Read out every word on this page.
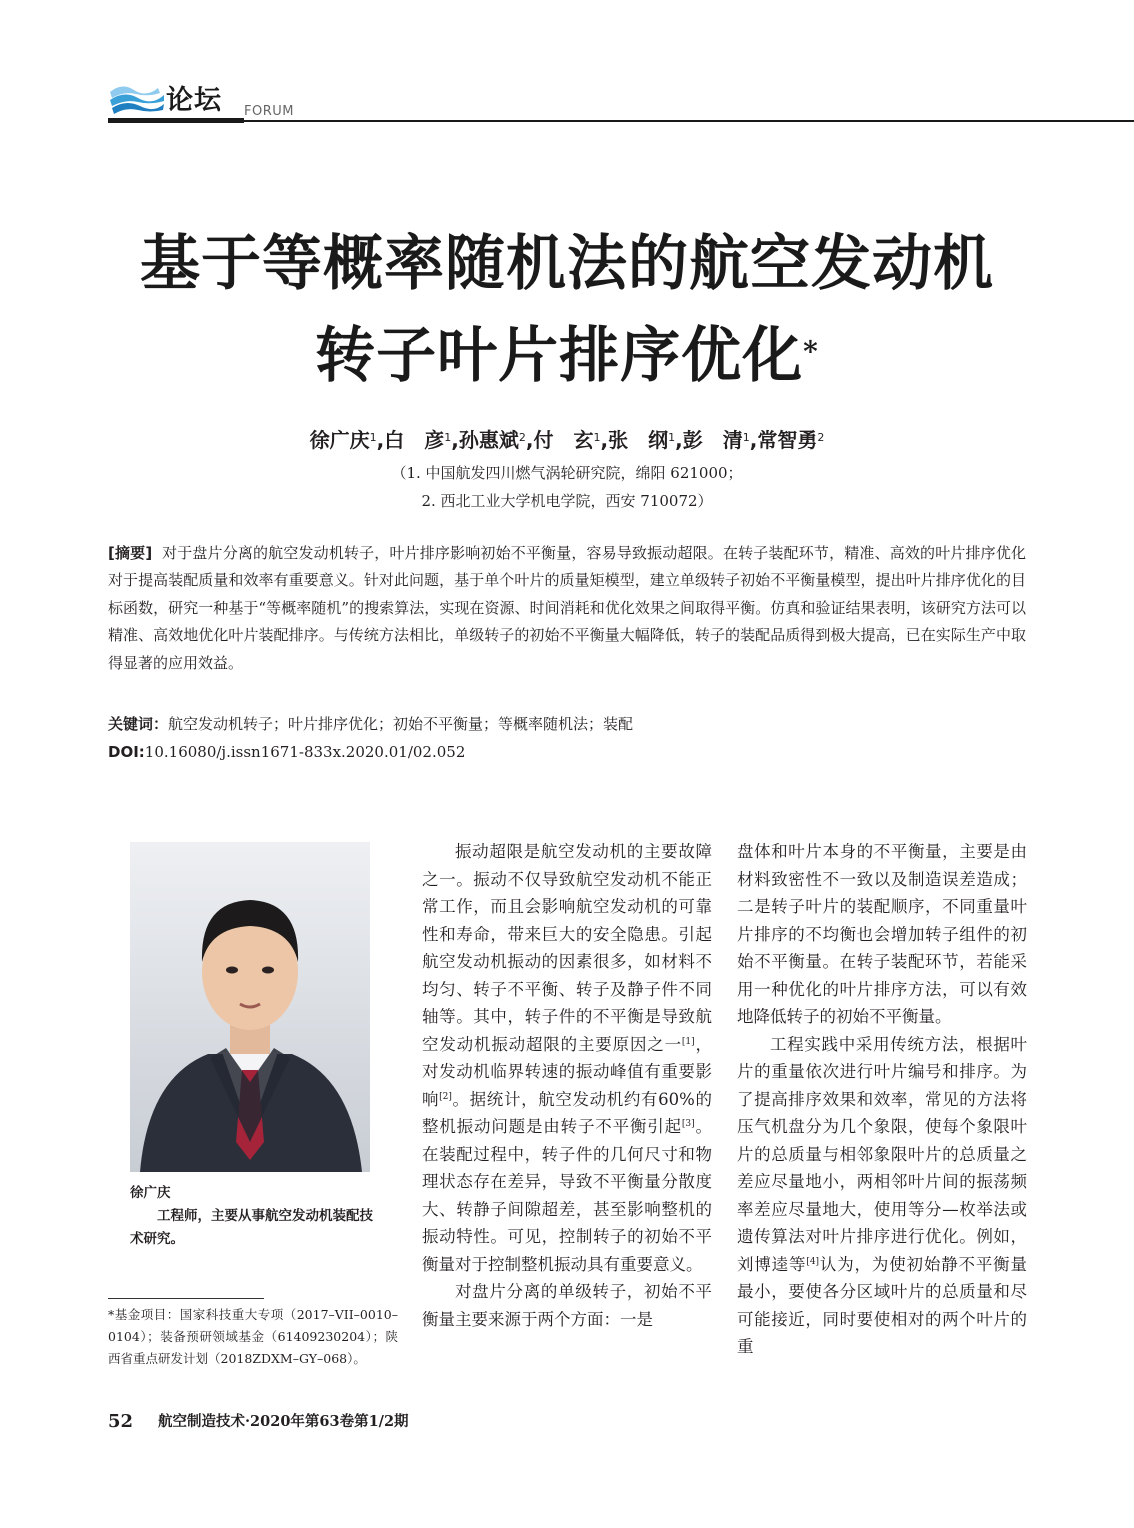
论坛 FORUM
基于等概率随机法的航空发动机
转子叶片排序优化*
徐广庆$^1$,白　彦$^1$,孙惠斌$^2$,付　玄$^1$,张　纲$^1$,彭　清$^1$,常智勇$^2$
（1. 中国航发四川燃气涡轮研究院，绵阳 621000；
2. 西北工业大学机电学院，西安 710072）
[摘要] 对于盘片分离的航空发动机转子，叶片排序影响初始不平衡量，容易导致振动超限。在转子装配环节，精准、高效的叶片排序优化对于提高装配质量和效率有重要意义。针对此问题，基于单个叶片的质量矩模型，建立单级转子初始不平衡量模型，提出叶片排序优化的目标函数，研究一种基于“等概率随机”的搜索算法，实现在资源、时间消耗和优化效果之间取得平衡。仿真和验证结果表明，该研究方法可以精准、高效地优化叶片装配排序。与传统方法相比，单级转子的初始不平衡量大幅降低，转子的装配品质得到极大提高，已在实际生产中取得显著的应用效益。
关键词：航空发动机转子；叶片排序优化；初始不平衡量；等概率随机法；装配
DOI:10.16080/j.issn1671-833x.2020.01/02.052
徐广庆
工程师，主要从事航空发动机装配技术研究。
*基金项目：国家科技重大专项（2017–VII–0010–0104）；装备预研领域基金（61409230204）；陕西省重点研发计划（2018ZDXM–GY–068）。

振动超限是航空发动机的主要故障之一。振动不仅导致航空发动机不能正常工作，而且会影响航空发动机的可靠性和寿命，带来巨大的安全隐患。引起航空发动机振动的因素很多，如材料不均匀、转子不平衡、转子及静子件不同轴等。其中，转子件的不平衡是导致航空发动机振动超限的主要原因之一[1]，对发动机临界转速的振动峰值有重要影响[2]。据统计，航空发动机约有60%的整机振动问题是由转子不平衡引起[3]。在装配过程中，转子件的几何尺寸和物理状态存在差异，导致不平衡量分散度大、转静子间隙超差，甚至影响整机的振动特性。可见，控制转子的初始不平衡量对于控制整机振动具有重要意义。

对盘片分离的单级转子，初始不平衡量主要来源于两个方面：一是

盘体和叶片本身的不平衡量，主要是由材料致密性不一致以及制造误差造成；二是转子叶片的装配顺序，不同重量叶片排序的不均衡也会增加转子组件的初始不平衡量。在转子装配环节，若能采用一种优化的叶片排序方法，可以有效地降低转子的初始不平衡量。

工程实践中采用传统方法，根据叶片的重量依次进行叶片编号和排序。为了提高排序效果和效率，常见的方法将压气机盘分为几个象限，使每个象限叶片的总质量与相邻象限叶片的总质量之差应尽量地小，两相邻叶片间的振荡频率差应尽量地大，使用等分—枚举法或遗传算法对叶片排序进行优化。例如，刘博逵等[4]认为，为使初始静不平衡量最小，要使各分区域叶片的总质量和尽可能接近，同时要使相对的两个叶片的重

52 航空制造技术·2020年第63卷第1/2期
